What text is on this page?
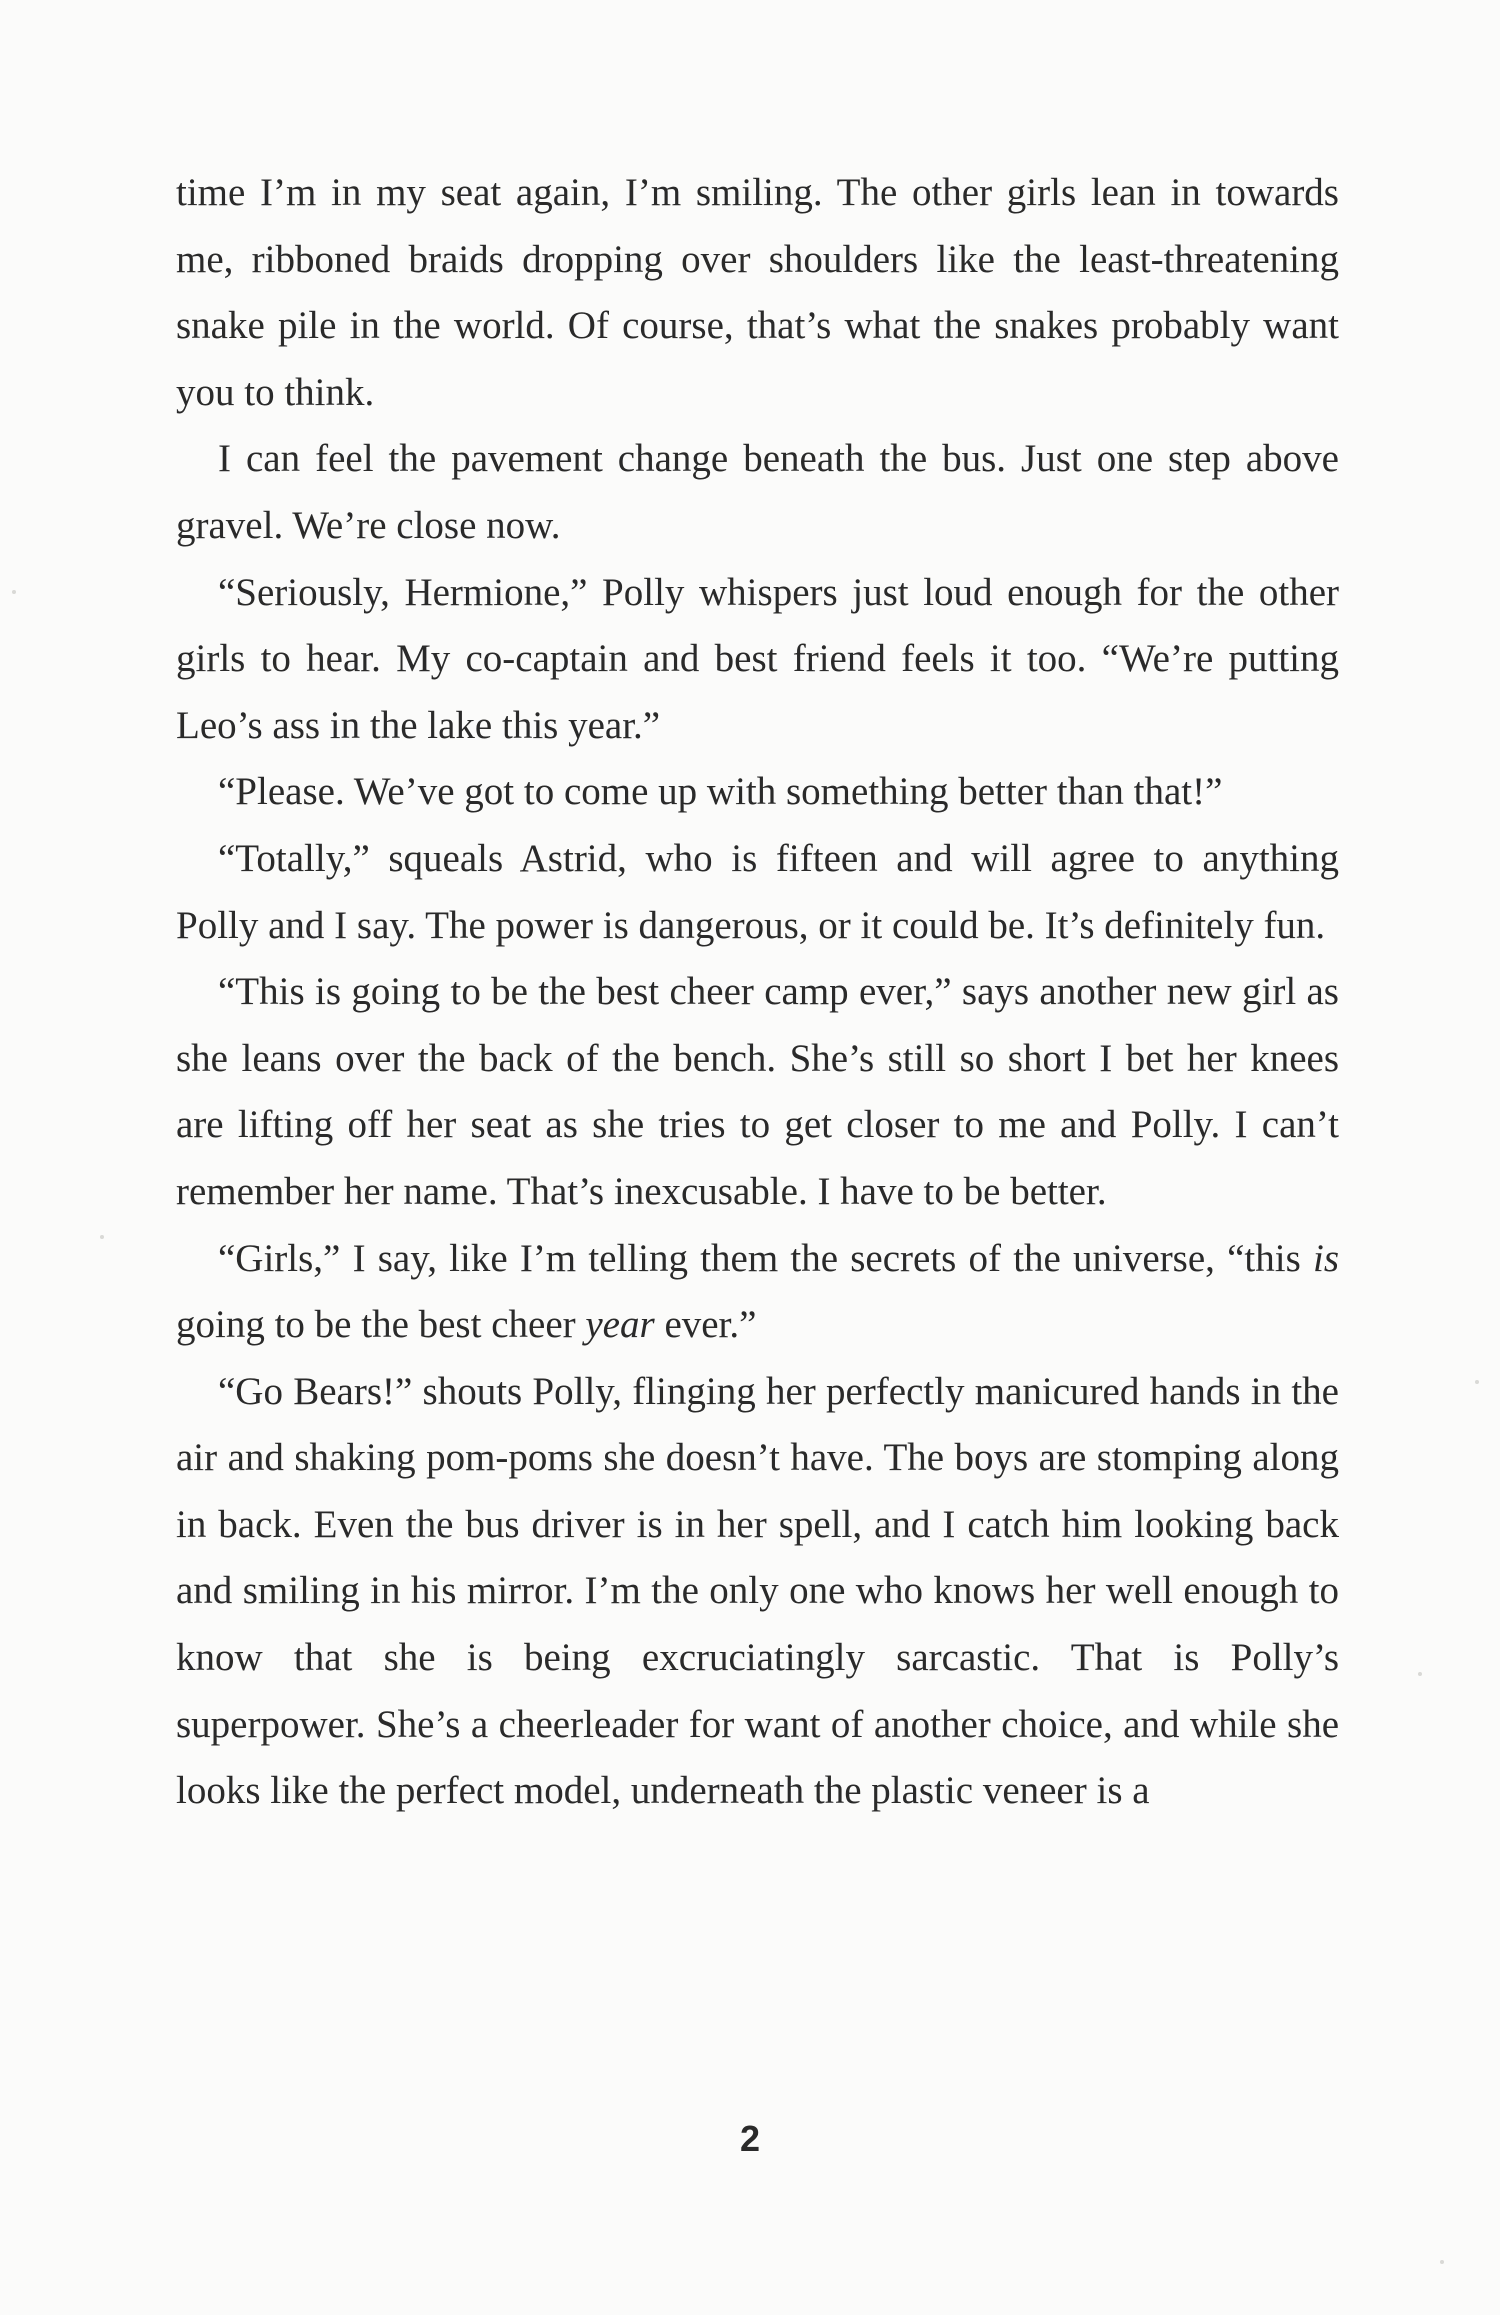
time I’m in my seat again, I’m smiling. The other girls lean in towards me, ribboned braids dropping over shoulders like the least-threatening snake pile in the world. Of course, that’s what the snakes probably want you to think.

I can feel the pavement change beneath the bus. Just one step above gravel. We’re close now.

“Seriously, Hermione,” Polly whispers just loud enough for the other girls to hear. My co-captain and best friend feels it too. “We’re putting Leo’s ass in the lake this year.”

“Please. We’ve got to come up with something better than that!”

“Totally,” squeals Astrid, who is fifteen and will agree to anything Polly and I say. The power is dangerous, or it could be. It’s definitely fun.

“This is going to be the best cheer camp ever,” says another new girl as she leans over the back of the bench. She’s still so short I bet her knees are lifting off her seat as she tries to get closer to me and Polly. I can’t remember her name. That’s inexcusable. I have to be better.

“Girls,” I say, like I’m telling them the secrets of the universe, “this is going to be the best cheer year ever.”

“Go Bears!” shouts Polly, flinging her perfectly manicured hands in the air and shaking pom-poms she doesn’t have. The boys are stomping along in back. Even the bus driver is in her spell, and I catch him looking back and smiling in his mirror. I’m the only one who knows her well enough to know that she is being excruciatingly sarcastic. That is Polly’s superpower. She’s a cheerleader for want of another choice, and while she looks like the perfect model, underneath the plastic veneer is a

2
